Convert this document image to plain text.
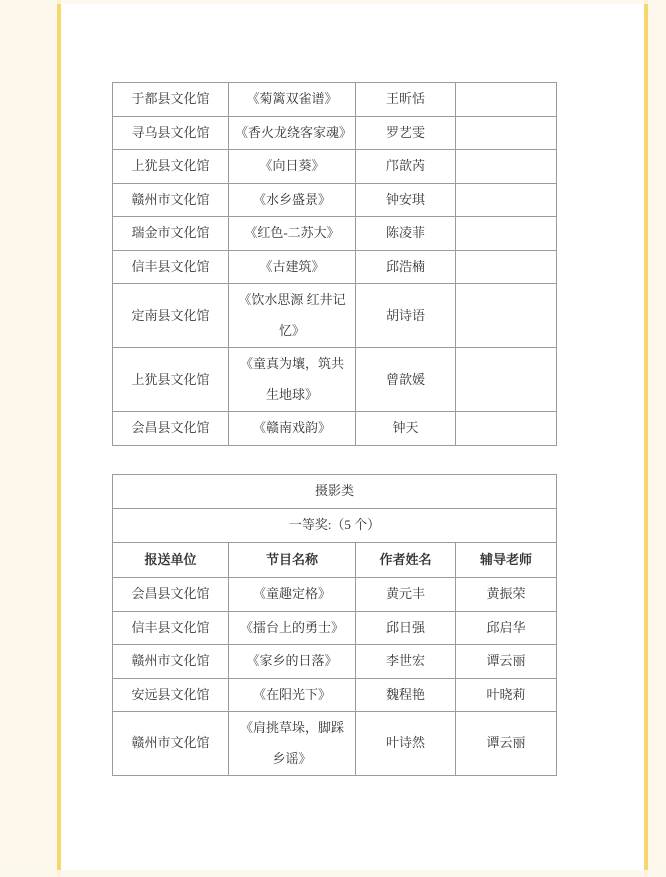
于都县文化馆	《菊篱双雀谱》	王昕恬	
寻乌县文化馆	《香火龙绕客家魂》	罗艺雯	
上犹县文化馆	《向日葵》	邝歆芮	
赣州市文化馆	《水乡盛景》	钟安琪	
瑞金市文化馆	《红色-二苏大》	陈凌菲	
信丰县文化馆	《古建筑》	邱浩楠	
定南县文化馆	《饮水思源 红井记忆》	胡诗语	
上犹县文化馆	《童真为壤，筑共生地球》	曾歆媛	
会昌县文化馆	《赣南戏韵》	钟天	
摄影类			
一等奖:（5 个）			
报送单位	节目名称	作者姓名	辅导老师
会昌县文化馆	《童趣定格》	黄元丰	黄振荣
信丰县文化馆	《擂台上的勇士》	邱日强	邱启华
赣州市文化馆	《家乡的日落》	李世宏	谭云丽
安远县文化馆	《在阳光下》	魏程艳	叶晓莉
赣州市文化馆	《肩挑草垛，脚踩乡谣》	叶诗然	谭云丽
